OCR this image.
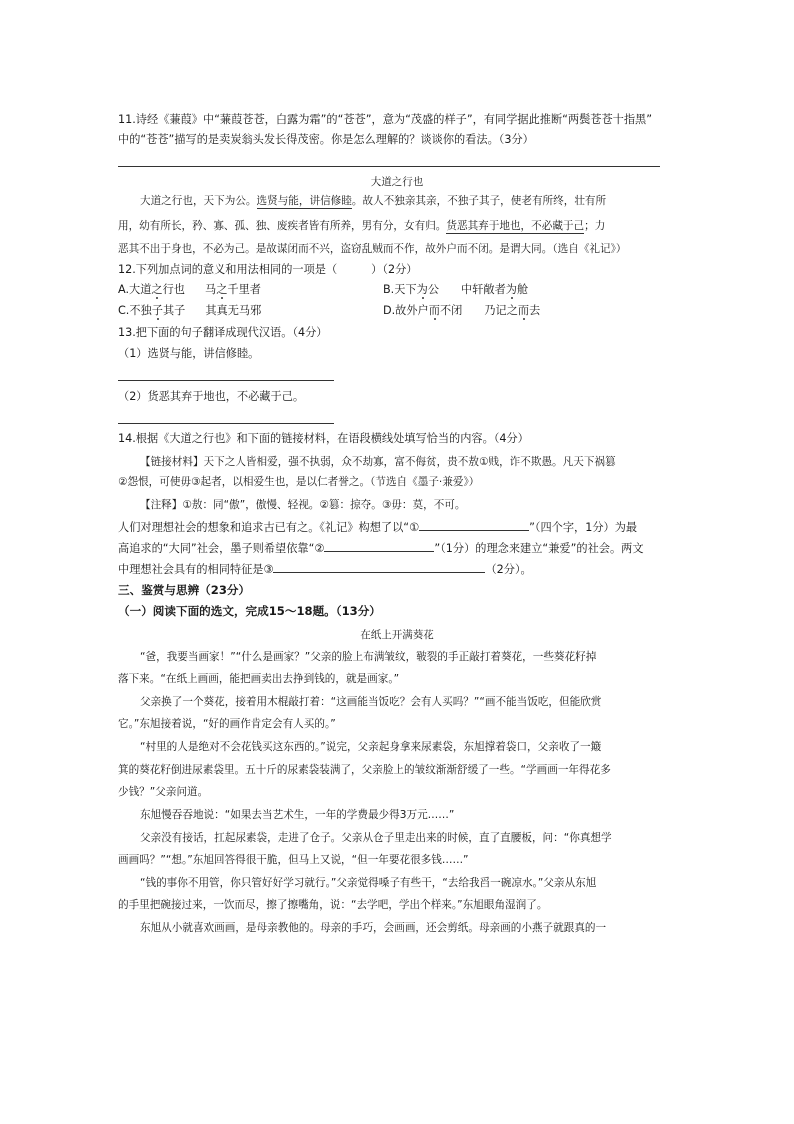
11.诗经《蒹葭》中“蒹葭苍苍，白露为霜”的“苍苍”，意为“茂盛的样子”，有同学据此推断“两鬓苍苍十指黑”
中的“苍苍”描写的是卖炭翁头发长得茂密。你是怎么理解的？谈谈你的看法。（3分）
大道之行也
大道之行也，天下为公。选贤与能，讲信修睦。故人不独亲其亲，不独子其子，使老有所终，壮有所
用，幼有所长，矜、寡、孤、独、废疾者皆有所养，男有分，女有归。货恶其弃于地也，不必藏于己；力
恶其不出于身也，不必为己。是故谋闭而不兴，盗窃乱贼而不作，故外户而不闭。是谓大同。（选自《礼记》）
12.下列加点词的意义和用法相同的一项是（	）（2分）
A.大道之行也 马之千里者	B.天下为公 中轩敞者为舱
C.不独子其子 其真无马邪	D.故外户而不闭 乃记之而去
13.把下面的句子翻译成现代汉语。（4分）
（1）选贤与能，讲信修睦。
（2）货恶其弃于地也，不必藏于己。
14.根据《大道之行也》和下面的链接材料，在语段横线处填写恰当的内容。（4分）
【链接材料】天下之人皆相爱，强不执弱，众不劫寡，富不侮贫，贵不敖①贱，诈不欺愚。凡天下祸篡
②怨恨，可使毋③起者，以相爱生也，是以仁者誉之。（节选自《墨子·兼爱》）
【注释】①敖：同“傲”，傲慢、轻视。②篡：掠夺。③毋：莫，不可。
人们对理想社会的想象和追求古已有之。《礼记》构想了以“①	”（四个字，1分）为最
高追求的“大同”社会，墨子则希望依靠“②	”（1分）的理念来建立“兼爱”的社会。两文
中理想社会具有的相同特征是③	（2分）。
三、鉴赏与思辨（23分）
（一）阅读下面的选文，完成15～18题。（13分）
在纸上开满葵花
“爸，我要当画家！”“什么是画家？”父亲的脸上布满皱纹，皲裂的手正敲打着葵花，一些葵花籽掉
落下来。“在纸上画画，能把画卖出去挣到钱的，就是画家。”
父亲换了一个葵花，接着用木棍敲打着：“这画能当饭吃？会有人买吗？”“画不能当饭吃，但能欣赏
它。”东旭接着说，“好的画作肯定会有人买的。”
“村里的人是绝对不会花钱买这东西的。”说完，父亲起身拿来尿素袋，东旭撑着袋口，父亲收了一簸
箕的葵花籽倒进尿素袋里。五十斤的尿素袋装满了，父亲脸上的皱纹渐渐舒缓了一些。“学画画一年得花多
少钱？”父亲问道。
东旭慢吞吞地说：“如果去当艺术生，一年的学费最少得3万元……”
父亲没有接话，扛起尿素袋，走进了仓子。父亲从仓子里走出来的时候，直了直腰板，问：“你真想学
画画吗？”“想。”东旭回答得很干脆，但马上又说，“但一年要花很多钱……”
“钱的事你不用管，你只管好好学习就行。”父亲觉得嗓子有些干，“去给我舀一碗凉水。”父亲从东旭
的手里把碗接过来，一饮而尽，擦了擦嘴角，说：“去学吧，学出个样来。”东旭眼角湿润了。
东旭从小就喜欢画画，是母亲教他的。母亲的手巧，会画画，还会剪纸。母亲画的小燕子就跟真的一
